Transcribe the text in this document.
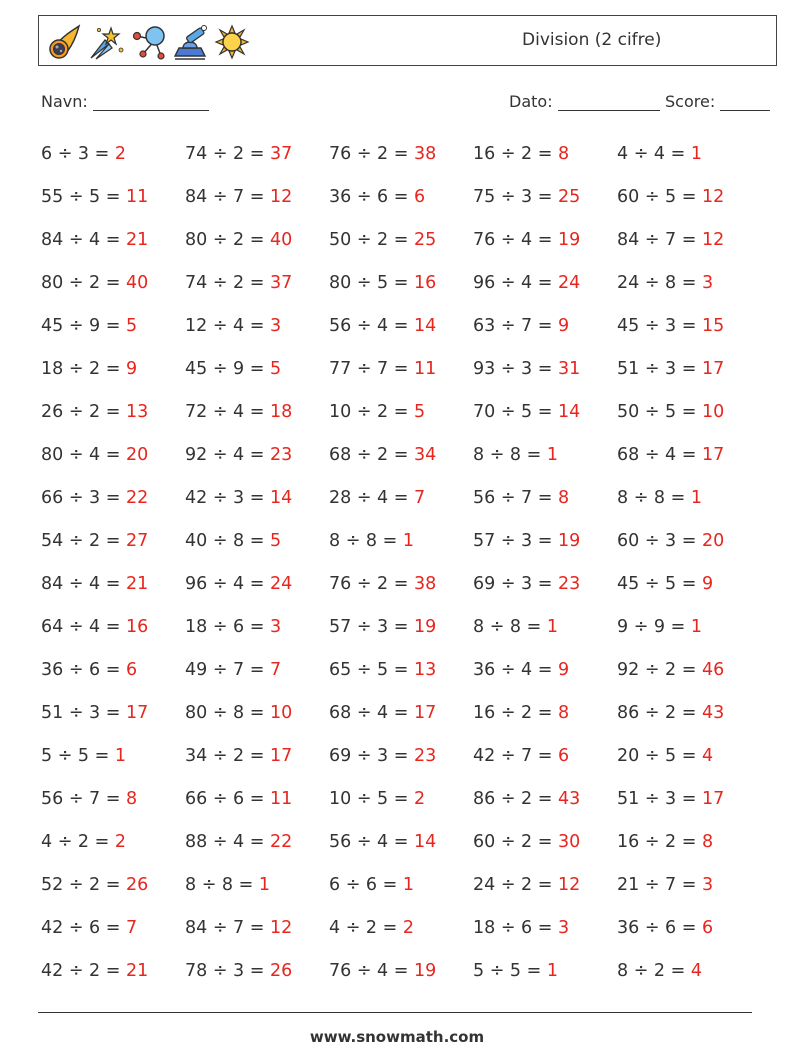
Division (2 cifre)
Navn:	Dato:	Score:
6 ÷ 3 = 2	74 ÷ 2 = 37	76 ÷ 2 = 38	16 ÷ 2 = 8	4 ÷ 4 = 1
55 ÷ 5 = 11	84 ÷ 7 = 12	36 ÷ 6 = 6	75 ÷ 3 = 25	60 ÷ 5 = 12
84 ÷ 4 = 21	80 ÷ 2 = 40	50 ÷ 2 = 25	76 ÷ 4 = 19	84 ÷ 7 = 12
80 ÷ 2 = 40	74 ÷ 2 = 37	80 ÷ 5 = 16	96 ÷ 4 = 24	24 ÷ 8 = 3
45 ÷ 9 = 5	12 ÷ 4 = 3	56 ÷ 4 = 14	63 ÷ 7 = 9	45 ÷ 3 = 15
18 ÷ 2 = 9	45 ÷ 9 = 5	77 ÷ 7 = 11	93 ÷ 3 = 31	51 ÷ 3 = 17
26 ÷ 2 = 13	72 ÷ 4 = 18	10 ÷ 2 = 5	70 ÷ 5 = 14	50 ÷ 5 = 10
80 ÷ 4 = 20	92 ÷ 4 = 23	68 ÷ 2 = 34	8 ÷ 8 = 1	68 ÷ 4 = 17
66 ÷ 3 = 22	42 ÷ 3 = 14	28 ÷ 4 = 7	56 ÷ 7 = 8	8 ÷ 8 = 1
54 ÷ 2 = 27	40 ÷ 8 = 5	8 ÷ 8 = 1	57 ÷ 3 = 19	60 ÷ 3 = 20
84 ÷ 4 = 21	96 ÷ 4 = 24	76 ÷ 2 = 38	69 ÷ 3 = 23	45 ÷ 5 = 9
64 ÷ 4 = 16	18 ÷ 6 = 3	57 ÷ 3 = 19	8 ÷ 8 = 1	9 ÷ 9 = 1
36 ÷ 6 = 6	49 ÷ 7 = 7	65 ÷ 5 = 13	36 ÷ 4 = 9	92 ÷ 2 = 46
51 ÷ 3 = 17	80 ÷ 8 = 10	68 ÷ 4 = 17	16 ÷ 2 = 8	86 ÷ 2 = 43
5 ÷ 5 = 1	34 ÷ 2 = 17	69 ÷ 3 = 23	42 ÷ 7 = 6	20 ÷ 5 = 4
56 ÷ 7 = 8	66 ÷ 6 = 11	10 ÷ 5 = 2	86 ÷ 2 = 43	51 ÷ 3 = 17
4 ÷ 2 = 2	88 ÷ 4 = 22	56 ÷ 4 = 14	60 ÷ 2 = 30	16 ÷ 2 = 8
52 ÷ 2 = 26	8 ÷ 8 = 1	6 ÷ 6 = 1	24 ÷ 2 = 12	21 ÷ 7 = 3
42 ÷ 6 = 7	84 ÷ 7 = 12	4 ÷ 2 = 2	18 ÷ 6 = 3	36 ÷ 6 = 6
42 ÷ 2 = 21	78 ÷ 3 = 26	76 ÷ 4 = 19	5 ÷ 5 = 1	8 ÷ 2 = 4
www.snowmath.com
